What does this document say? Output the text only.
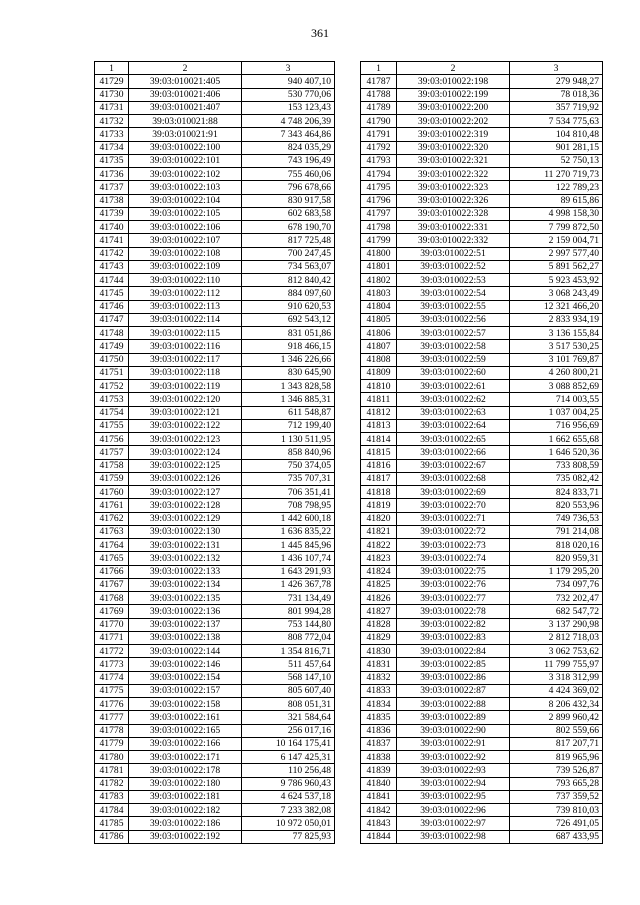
361
1	2	3
41729	39:03:010021:405	940 407,10
41730	39:03:010021:406	530 770,06
41731	39:03:010021:407	153 123,43
41732	39:03:010021:88	4 748 206,39
41733	39:03:010021:91	7 343 464,86
41734	39:03:010022:100	824 035,29
41735	39:03:010022:101	743 196,49
41736	39:03:010022:102	755 460,06
41737	39:03:010022:103	796 678,66
41738	39:03:010022:104	830 917,58
41739	39:03:010022:105	602 683,58
41740	39:03:010022:106	678 190,70
41741	39:03:010022:107	817 725,48
41742	39:03:010022:108	700 247,45
41743	39:03:010022:109	734 563,07
41744	39:03:010022:110	812 840,42
41745	39:03:010022:112	884 097,60
41746	39:03:010022:113	910 620,53
41747	39:03:010022:114	692 543,12
41748	39:03:010022:115	831 051,86
41749	39:03:010022:116	918 466,15
41750	39:03:010022:117	1 346 226,66
41751	39:03:010022:118	830 645,90
41752	39:03:010022:119	1 343 828,58
41753	39:03:010022:120	1 346 885,31
41754	39:03:010022:121	611 548,87
41755	39:03:010022:122	712 199,40
41756	39:03:010022:123	1 130 511,95
41757	39:03:010022:124	858 840,96
41758	39:03:010022:125	750 374,05
41759	39:03:010022:126	735 707,31
41760	39:03:010022:127	706 351,41
41761	39:03:010022:128	708 798,95
41762	39:03:010022:129	1 442 600,18
41763	39:03:010022:130	1 636 835,22
41764	39:03:010022:131	1 445 845,96
41765	39:03:010022:132	1 436 107,74
41766	39:03:010022:133	1 643 291,93
41767	39:03:010022:134	1 426 367,78
41768	39:03:010022:135	731 134,49
41769	39:03:010022:136	801 994,28
41770	39:03:010022:137	753 144,80
41771	39:03:010022:138	808 772,04
41772	39:03:010022:144	1 354 816,71
41773	39:03:010022:146	511 457,64
41774	39:03:010022:154	568 147,10
41775	39:03:010022:157	805 607,40
41776	39:03:010022:158	808 051,31
41777	39:03:010022:161	321 584,64
41778	39:03:010022:165	256 017,16
41779	39:03:010022:166	10 164 175,41
41780	39:03:010022:171	6 147 425,31
41781	39:03:010022:178	110 256,48
41782	39:03:010022:180	9 786 960,43
41783	39:03:010022:181	4 624 537,18
41784	39:03:010022:182	7 233 382,08
41785	39:03:010022:186	10 972 050,01
41786	39:03:010022:192	77 825,93
1	2	3
41787	39:03:010022:198	279 948,27
41788	39:03:010022:199	78 018,36
41789	39:03:010022:200	357 719,92
41790	39:03:010022:202	7 534 775,63
41791	39:03:010022:319	104 810,48
41792	39:03:010022:320	901 281,15
41793	39:03:010022:321	52 750,13
41794	39:03:010022:322	11 270 719,73
41795	39:03:010022:323	122 789,23
41796	39:03:010022:326	89 615,86
41797	39:03:010022:328	4 998 158,30
41798	39:03:010022:331	7 799 872,50
41799	39:03:010022:332	2 159 004,71
41800	39:03:010022:51	2 997 577,40
41801	39:03:010022:52	5 891 562,27
41802	39:03:010022:53	5 923 453,92
41803	39:03:010022:54	3 068 243,49
41804	39:03:010022:55	12 321 466,20
41805	39:03:010022:56	2 833 934,19
41806	39:03:010022:57	3 136 155,84
41807	39:03:010022:58	3 517 530,25
41808	39:03:010022:59	3 101 769,87
41809	39:03:010022:60	4 260 800,21
41810	39:03:010022:61	3 088 852,69
41811	39:03:010022:62	714 003,55
41812	39:03:010022:63	1 037 004,25
41813	39:03:010022:64	716 956,69
41814	39:03:010022:65	1 662 655,68
41815	39:03:010022:66	1 646 520,36
41816	39:03:010022:67	733 808,59
41817	39:03:010022:68	735 082,42
41818	39:03:010022:69	824 833,71
41819	39:03:010022:70	820 553,96
41820	39:03:010022:71	749 736,53
41821	39:03:010022:72	791 214,08
41822	39:03:010022:73	818 020,16
41823	39:03:010022:74	820 959,31
41824	39:03:010022:75	1 179 295,20
41825	39:03:010022:76	734 097,76
41826	39:03:010022:77	732 202,47
41827	39:03:010022:78	682 547,72
41828	39:03:010022:82	3 137 290,98
41829	39:03:010022:83	2 812 718,03
41830	39:03:010022:84	3 062 753,62
41831	39:03:010022:85	11 799 755,97
41832	39:03:010022:86	3 318 312,99
41833	39:03:010022:87	4 424 369,02
41834	39:03:010022:88	8 206 432,34
41835	39:03:010022:89	2 899 960,42
41836	39:03:010022:90	802 559,66
41837	39:03:010022:91	817 207,71
41838	39:03:010022:92	819 965,96
41839	39:03:010022:93	739 526,87
41840	39:03:010022:94	793 665,28
41841	39:03:010022:95	737 359,52
41842	39:03:010022:96	739 810,03
41843	39:03:010022:97	726 491,05
41844	39:03:010022:98	687 433,95
